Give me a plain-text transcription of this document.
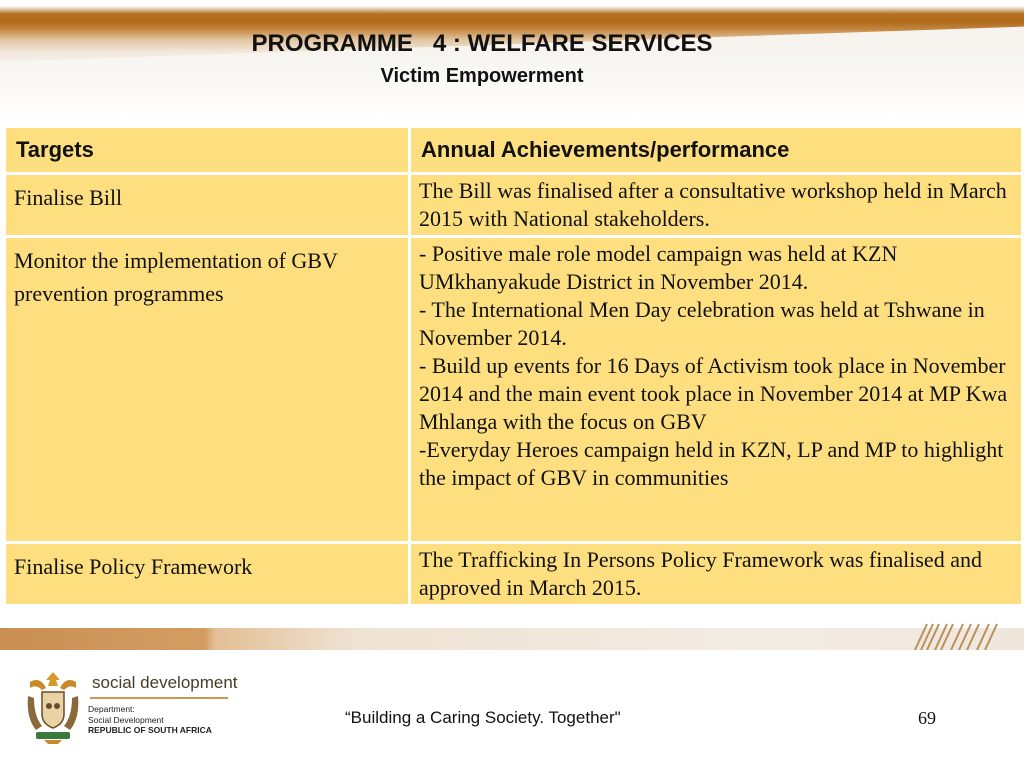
PROGRAMME   4 : WELFARE SERVICES
Victim Empowerment
Targets	Annual Achievements/performance
Finalise Bill	The Bill was finalised after a consultative workshop held in March 2015 with National stakeholders.

Monitor the implementation of GBV prevention programmes	- Positive male role model campaign was held at KZN UMkhanyakude District in November 2014.
- The International Men Day celebration was held at Tshwane in November 2014.
- Build up events for 16 Days of Activism took place in November 2014 and the main event took place in November 2014 at MP Kwa Mhlanga with the focus on GBV
-Everyday Heroes campaign held in KZN, LP and MP to highlight the impact of GBV in communities

Finalise Policy Framework	The Trafficking In Persons Policy Framework was finalised and approved in March 2015.
social development
Department:
Social Development
REPUBLIC OF SOUTH AFRICA
“Building a Caring Society. Together"	69
